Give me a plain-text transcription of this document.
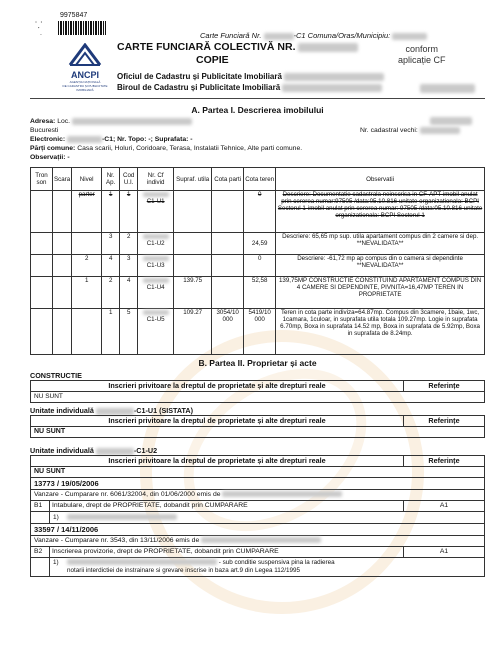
⸪
9975847
˙	Carte Funciară Nr.	-C1 Comuna/Oras/Municipiu:
CARTE FUNCIARĂ COLECTIVĂ NR.
COPIE
conform
aplicație CF
ANCPI
AGENȚIA NAȚIONALĂ
DE CADASTRU ȘI PUBLICITATE IMOBILIARĂ
Oficiul de Cadastru și Publicitate Imobiliară
Biroul de Cadastru și Publicitate Imobiliară
A. Partea I. Descrierea imobilului
Adresa: Loc.
Bucuresti	Nr. cadastral vechi:
Electronic:	-C1; Nr. Topo: -; Suprafata: -
Părți comune: Casa scarii, Holuri, Coridoare, Terasa, Instalatii Tehnice, Alte parti comune.
Observații: -
Tron son	Scara	Nivel	Nr. Ap.	Cod U.I.	Nr. Cf individ	Supraf. utila	Cota parti	Cota teren	Observatii
		parter	1	1	C1-U1			0	Descriere: Documentatie cadastrala neinscrisa in CF-APT-imobil anulat prin cererea numar:97505 /data:05.10.816 unitate organizationala: BCPI Sectorul 1-imobil anulat prin cererea numar: 97505 /data:05.10.816 unitate organizationala: BCPI Sectorul 1
			3	2	C1-U2			24,59	Descriere: 65,65 mp sup. utila apartament compus din 2 camere si dep. **NEVALIDATA**
		2	4	3	C1-U3			0	Descriere: -61,72 mp ap compus din o camera si dependinte **NEVALIDATA**
		1	2	4	C1-U4	139.75		52,58	139,75MP CONSTRUCTIE CONSTITUIND APARTAMENT COMPUS DIN 4 CAMERE SI DEPENDINTE, PIVNITA=16,47MP TEREN IN PROPRIETATE
			1	5	C1-U5	109.27	3054/10 000	5419/10 000	Teren in cota parte indiviza=64.87mp. Compus din 3camere, 1baie, 1wc, 1camara, 1culoar, in suprafata utila totala 109.27mp. Logie in suprafata 6.70mp, Boxa in suprafata 14.52 mp, Boxa in suprafata de 5.92mp, Boxa in suprafata de 8.24mp.
B. Partea II. Proprietar și acte
CONSTRUCTIE
Inscrieri privitoare la dreptul de proprietate și alte drepturi reale	Referințe
NU SUNT
Unitate individuală	-C1-U1 (SISTATA)
Inscrieri privitoare la dreptul de proprietate și alte drepturi reale	Referințe
NU SUNT
Unitate individuală	-C1-U2
Inscrieri privitoare la dreptul de proprietate și alte drepturi reale	Referințe
NU SUNT
13773 / 19/05/2006
Vanzare - Cumparare nr. 6061/32004, din 01/06/2000 emis de
B1	Intabulare, drept de PROPRIETATE, dobandit prin CUMPARARE	A1
1)
33597 / 14/11/2006
Vanzare - Cumparare nr. 3543, din 13/11/2006 emis de
B2	Inscrierea provizorie, drept de PROPRIETATE, dobandit prin CUMPARARE	A1
1)	- sub conditie suspensiva pina la radierea
notarii interdictiei de instrainare si grevare inscrise in baza art.9 din Legea 112/1995
